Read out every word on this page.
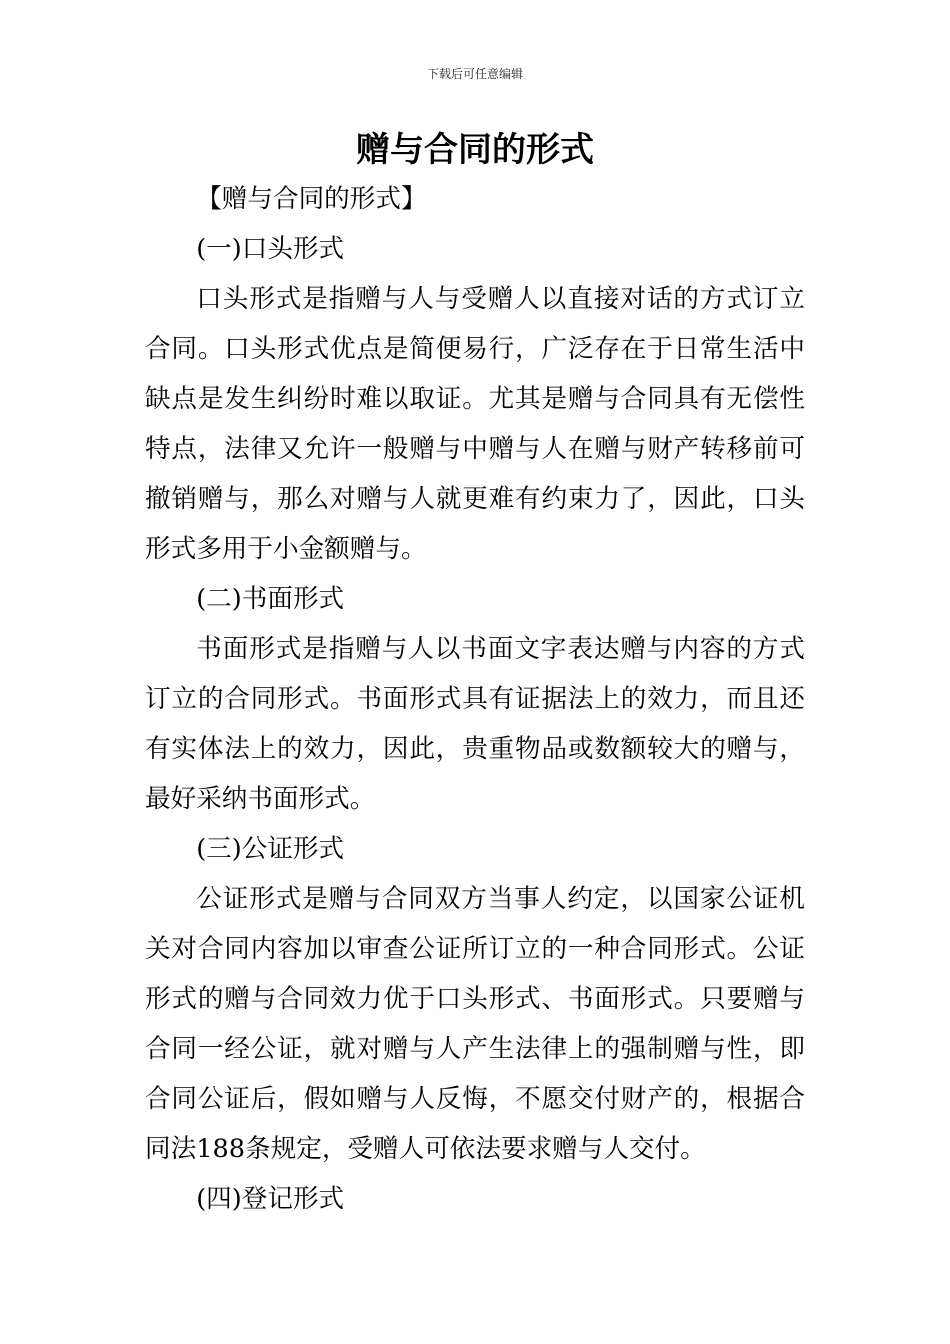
下载后可任意编辑
赠与合同的形式

【赠与合同的形式】

(一)口头形式

口头形式是指赠与人与受赠人以直接对话的方式订立合同。口头形式优点是简便易行，广泛存在于日常生活中缺点是发生纠纷时难以取证。尤其是赠与合同具有无偿性特点，法律又允许一般赠与中赠与人在赠与财产转移前可撤销赠与，那么对赠与人就更难有约束力了，因此，口头形式多用于小金额赠与。

(二)书面形式

书面形式是指赠与人以书面文字表达赠与内容的方式订立的合同形式。书面形式具有证据法上的效力，而且还有实体法上的效力，因此，贵重物品或数额较大的赠与，最好采纳书面形式。

(三)公证形式

公证形式是赠与合同双方当事人约定，以国家公证机关对合同内容加以审查公证所订立的一种合同形式。公证形式的赠与合同效力优于口头形式、书面形式。只要赠与合同一经公证，就对赠与人产生法律上的强制赠与性，即合同公证后，假如赠与人反悔，不愿交付财产的，根据合同法188条规定，受赠人可依法要求赠与人交付。

(四)登记形式
